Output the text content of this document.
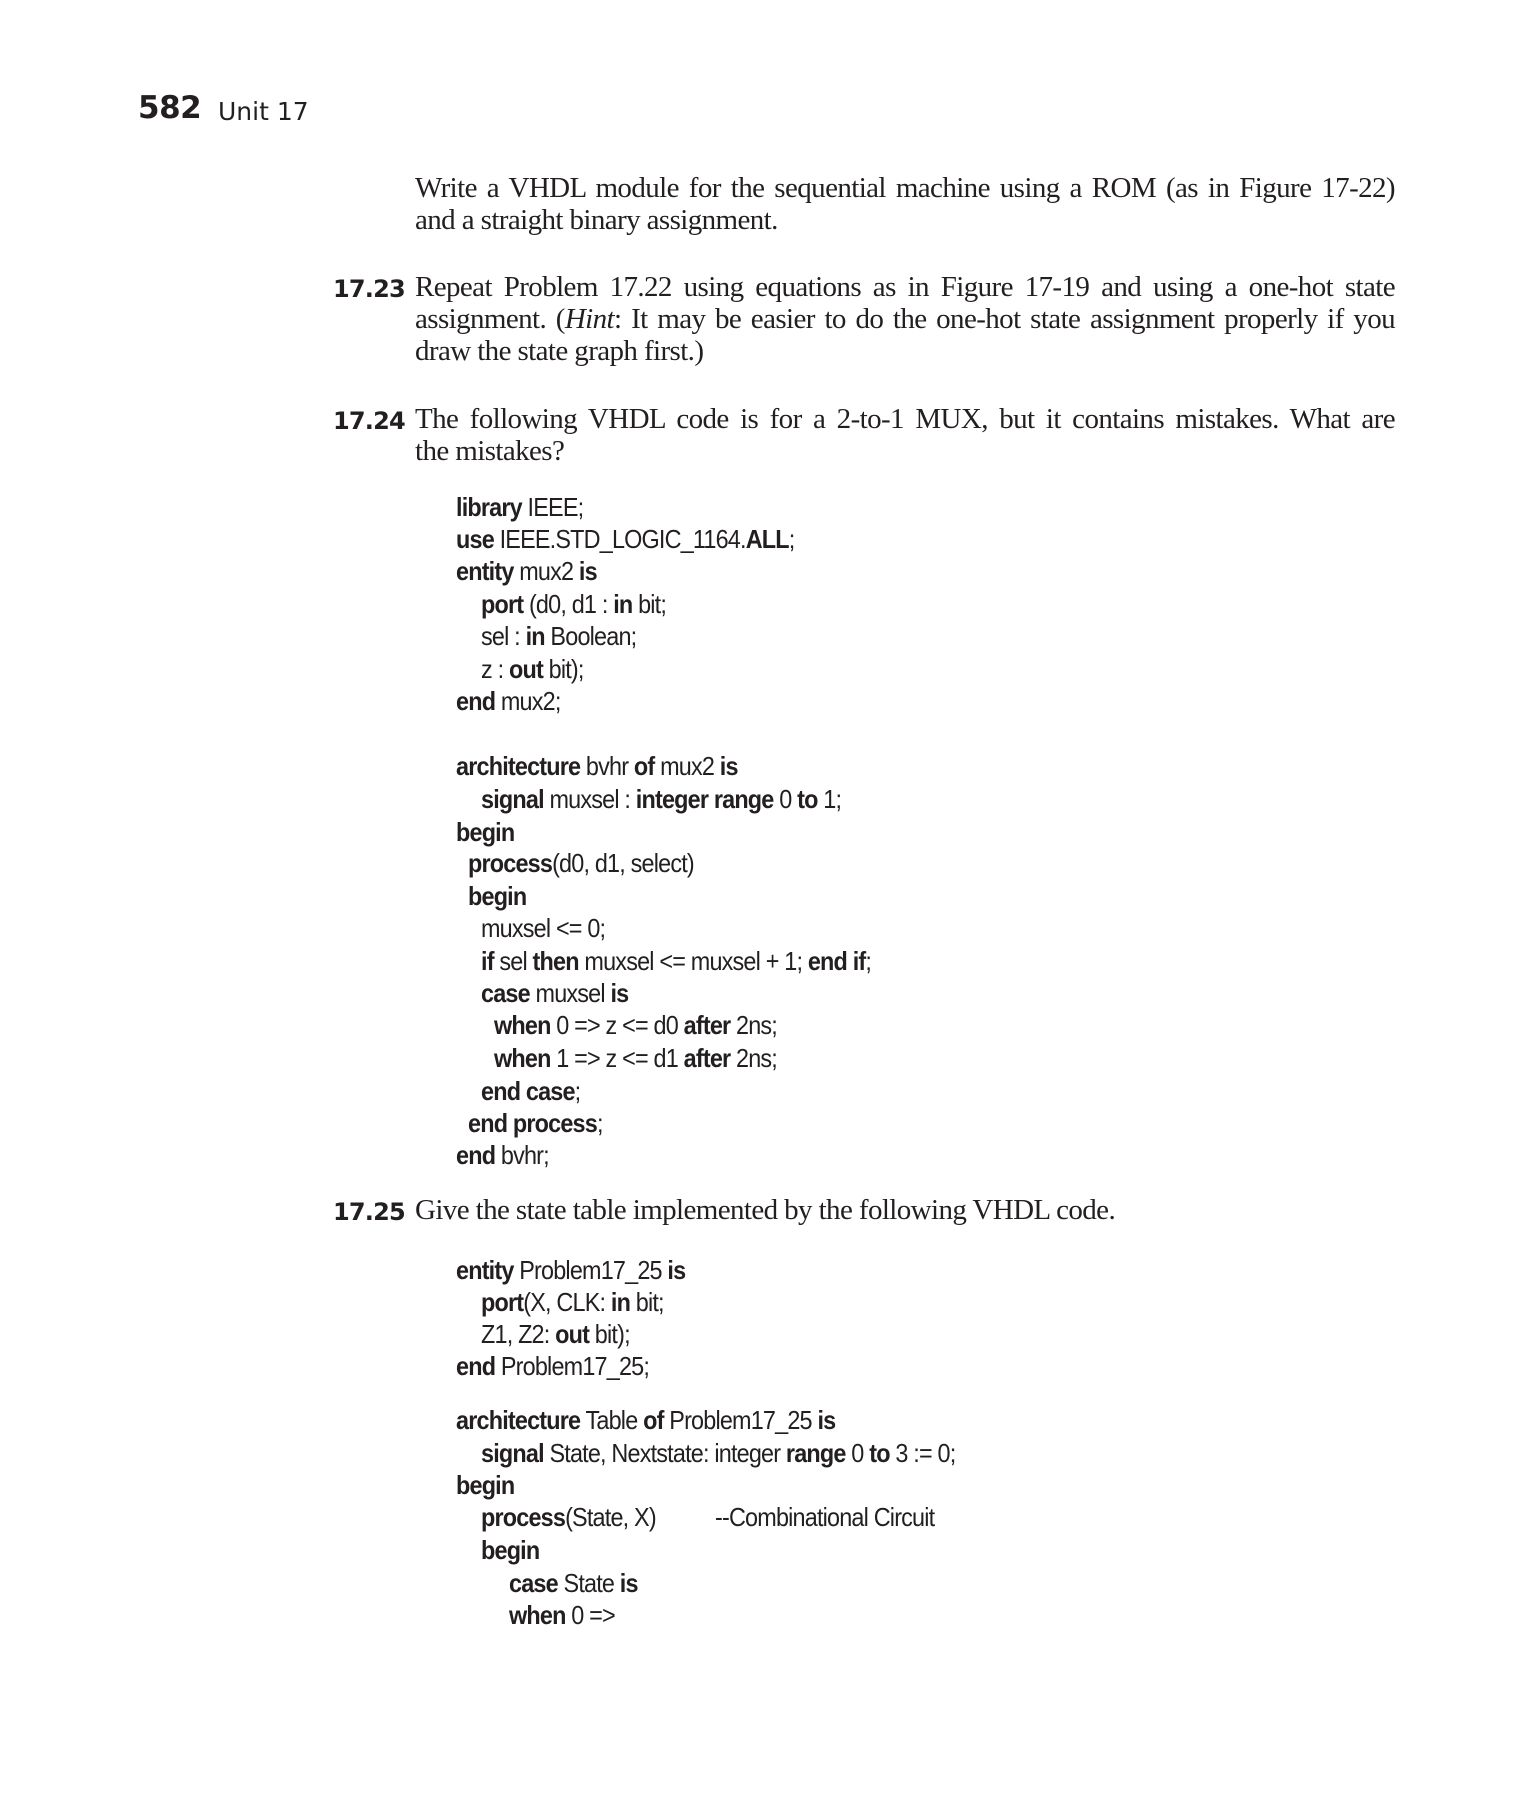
582 Unit 17
Write a VHDL module for the sequential machine using a ROM (as in Figure 17-22)
and a straight binary assignment.
17.23 Repeat Problem 17.22 using equations as in Figure 17-19 and using a one-hot state
assignment. (Hint: It may be easier to do the one-hot state assignment properly if you
draw the state graph first.)
17.24 The following VHDL code is for a 2-to-1 MUX, but it contains mistakes. What are
the mistakes?
library IEEE;
use IEEE.STD_LOGIC_1164.ALL;
entity mux2 is
port (d0, d1 : in bit;
sel : in Boolean;
z : out bit);
end mux2;
architecture bvhr of mux2 is
signal muxsel : integer range 0 to 1;
begin
process(d0, d1, select)
begin
muxsel <= 0;
if sel then muxsel <= muxsel + 1; end if;
case muxsel is
when 0 => z <= d0 after 2ns;
when 1 => z <= d1 after 2ns;
end case;
end process;
end bvhr;
17.25 Give the state table implemented by the following VHDL code.
entity Problem17_25 is
port(X, CLK: in bit;
Z1, Z2: out bit);
end Problem17_25;
architecture Table of Problem17_25 is
signal State, Nextstate: integer range 0 to 3 := 0;
begin
process(State, X)
begin
case State is
when 0 =>
--Combinational Circuit
